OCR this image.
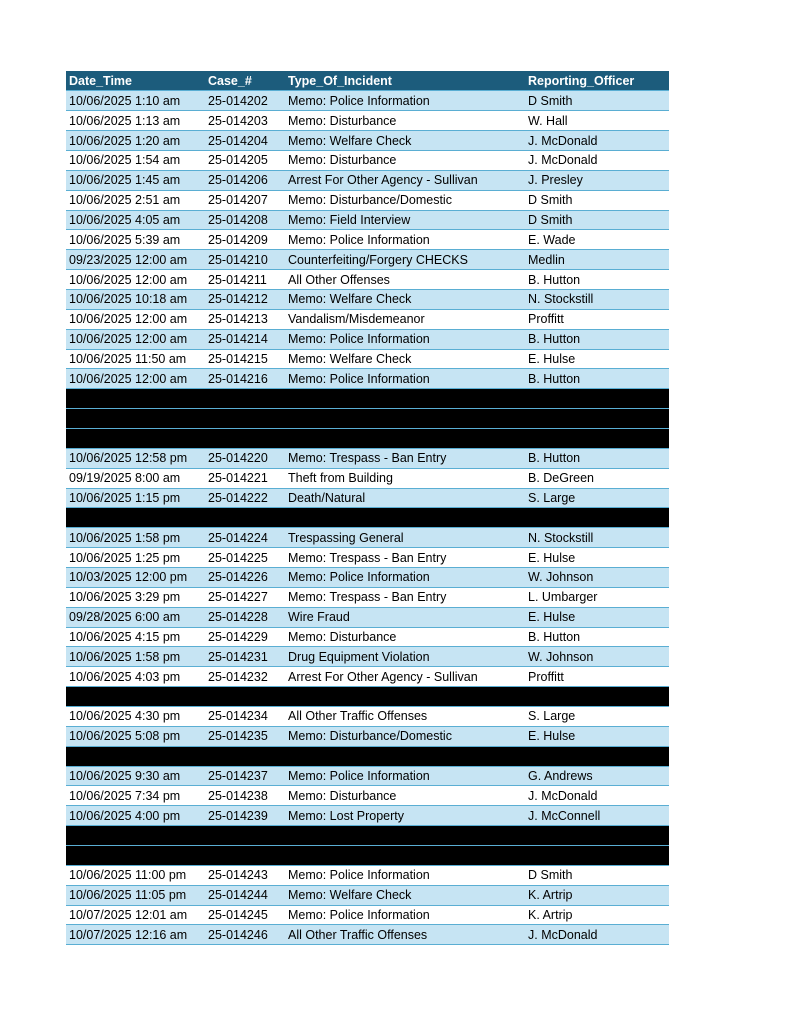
Date_Time	Case_#	Type_Of_Incident	Reporting_Officer
10/06/2025 1:10 am	25-014202	Memo: Police Information	D Smith
10/06/2025 1:13 am	25-014203	Memo: Disturbance	W. Hall
10/06/2025 1:20 am	25-014204	Memo: Welfare Check	J. McDonald
10/06/2025 1:54 am	25-014205	Memo: Disturbance	J. McDonald
10/06/2025 1:45 am	25-014206	Arrest For Other Agency - Sullivan	J. Presley
10/06/2025 2:51 am	25-014207	Memo: Disturbance/Domestic	D Smith
10/06/2025 4:05 am	25-014208	Memo: Field Interview	D Smith
10/06/2025 5:39 am	25-014209	Memo: Police Information	E. Wade
09/23/2025 12:00 am	25-014210	Counterfeiting/Forgery CHECKS	Medlin
10/06/2025 12:00 am	25-014211	All Other Offenses	B. Hutton
10/06/2025 10:18 am	25-014212	Memo: Welfare Check	N. Stockstill
10/06/2025 12:00 am	25-014213	Vandalism/Misdemeanor	Proffitt
10/06/2025 12:00 am	25-014214	Memo: Police Information	B. Hutton
10/06/2025 11:50 am	25-014215	Memo: Welfare Check	E. Hulse
10/06/2025 12:00 am	25-014216	Memo: Police Information	B. Hutton

10/06/2025 12:58 pm	25-014220	Memo: Trespass - Ban Entry	B. Hutton
09/19/2025 8:00 am	25-014221	Theft from Building	B. DeGreen
10/06/2025 1:15 pm	25-014222	Death/Natural	S. Large

10/06/2025 1:58 pm	25-014224	Trespassing General	N. Stockstill
10/06/2025 1:25 pm	25-014225	Memo: Trespass - Ban Entry	E. Hulse
10/03/2025 12:00 pm	25-014226	Memo: Police Information	W. Johnson
10/06/2025 3:29 pm	25-014227	Memo: Trespass - Ban Entry	L. Umbarger
09/28/2025 6:00 am	25-014228	Wire Fraud	E. Hulse
10/06/2025 4:15 pm	25-014229	Memo: Disturbance	B. Hutton
10/06/2025 1:58 pm	25-014231	Drug Equipment Violation	W. Johnson
10/06/2025 4:03 pm	25-014232	Arrest For Other Agency - Sullivan	Proffitt

10/06/2025 4:30 pm	25-014234	All Other Traffic Offenses	S. Large
10/06/2025 5:08 pm	25-014235	Memo: Disturbance/Domestic	E. Hulse

10/06/2025 9:30 am	25-014237	Memo: Police Information	G. Andrews
10/06/2025 7:34 pm	25-014238	Memo: Disturbance	J. McDonald
10/06/2025 4:00 pm	25-014239	Memo: Lost Property	J. McConnell

10/06/2025 11:00 pm	25-014243	Memo: Police Information	D Smith
10/06/2025 11:05 pm	25-014244	Memo: Welfare Check	K. Artrip
10/07/2025 12:01 am	25-014245	Memo: Police Information	K. Artrip
10/07/2025 12:16 am	25-014246	All Other Traffic Offenses	J. McDonald
